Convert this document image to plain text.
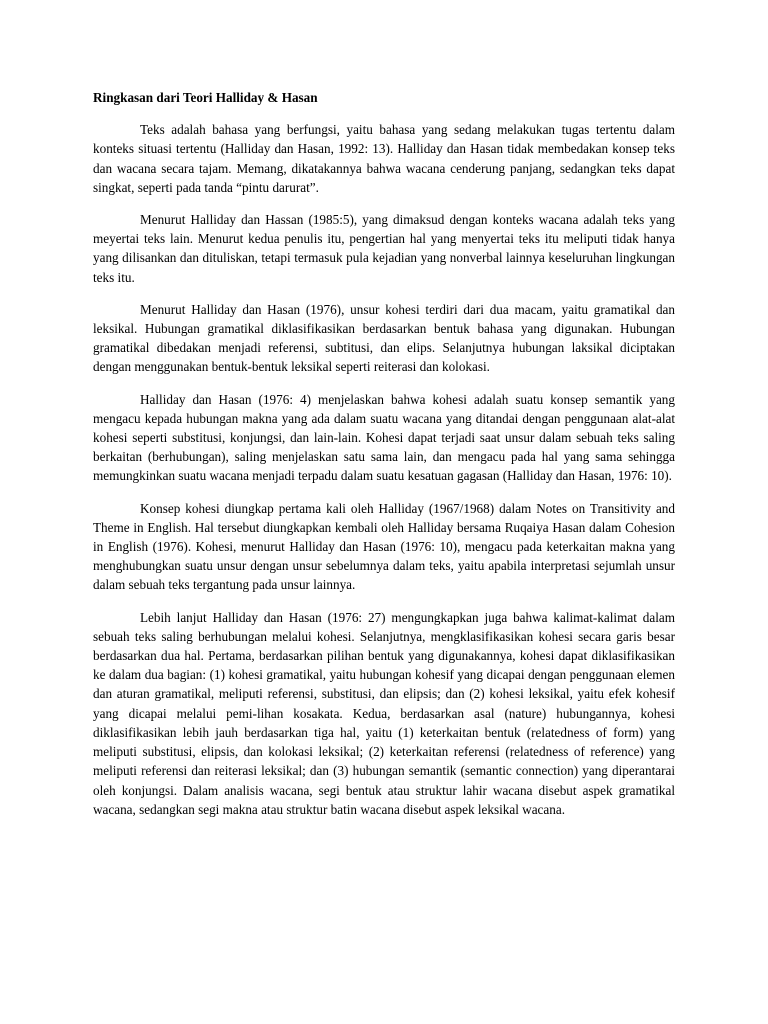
Ringkasan dari Teori Halliday & Hasan

Teks adalah bahasa yang berfungsi, yaitu bahasa yang sedang melakukan tugas tertentu dalam konteks situasi tertentu (Halliday dan Hasan, 1992: 13). Halliday dan Hasan tidak membedakan konsep teks dan wacana secara tajam. Memang, dikatakannya bahwa wacana cenderung panjang, sedangkan teks dapat singkat, seperti pada tanda “pintu darurat”.

Menurut Halliday dan Hassan (1985:5), yang dimaksud dengan konteks wacana adalah teks yang meyertai teks lain. Menurut kedua penulis itu, pengertian hal yang menyertai teks itu meliputi tidak hanya yang dilisankan dan dituliskan, tetapi termasuk pula kejadian yang nonverbal lainnya keseluruhan lingkungan teks itu.

Menurut Halliday dan Hasan (1976), unsur kohesi terdiri dari dua macam, yaitu gramatikal dan leksikal. Hubungan gramatikal diklasifikasikan berdasarkan bentuk bahasa yang digunakan. Hubungan gramatikal dibedakan menjadi referensi, subtitusi, dan elips. Selanjutnya hubungan laksikal diciptakan dengan menggunakan bentuk-bentuk leksikal seperti reiterasi dan kolokasi.

Halliday dan Hasan (1976: 4) menjelaskan bahwa kohesi adalah suatu konsep semantik yang mengacu kepada hubungan makna yang ada dalam suatu wacana yang ditandai dengan penggunaan alat-alat kohesi seperti substitusi, konjungsi, dan lain-lain. Kohesi dapat terjadi saat unsur dalam sebuah teks saling berkaitan (berhubungan), saling menjelaskan satu sama lain, dan mengacu pada hal yang sama sehingga memungkinkan suatu wacana menjadi terpadu dalam suatu kesatuan gagasan (Halliday dan Hasan, 1976: 10).

Konsep kohesi diungkap pertama kali oleh Halliday (1967/1968) dalam Notes on Transitivity and Theme in English. Hal tersebut diungkapkan kembali oleh Halliday bersama Ruqaiya Hasan dalam Cohesion in English (1976). Kohesi, menurut Halliday dan Hasan (1976: 10), mengacu pada keterkaitan makna yang menghubungkan suatu unsur dengan unsur sebelumnya dalam teks, yaitu apabila interpretasi sejumlah unsur dalam sebuah teks tergantung pada unsur lainnya.

Lebih lanjut Halliday dan Hasan (1976: 27) mengungkapkan juga bahwa kalimat-kalimat dalam sebuah teks saling berhubungan melalui kohesi. Selanjutnya, mengklasifikasikan kohesi secara garis besar berdasarkan dua hal. Pertama, berdasarkan pilihan bentuk yang digunakannya, kohesi dapat diklasifikasikan ke dalam dua bagian: (1) kohesi gramatikal, yaitu hubungan kohesif yang dicapai dengan penggunaan elemen dan aturan gramatikal, meliputi referensi, substitusi, dan elipsis; dan (2) kohesi leksikal, yaitu efek kohesif yang dicapai melalui pemi-lihan kosakata. Kedua, berdasarkan asal (nature) hubungannya, kohesi diklasifikasikan lebih jauh berdasarkan tiga hal, yaitu (1) keterkaitan bentuk (relatedness of form) yang meliputi substitusi, elipsis, dan kolokasi leksikal; (2) keterkaitan referensi (relatedness of reference) yang meliputi referensi dan reiterasi leksikal; dan (3) hubungan semantik (semantic connection) yang diperantarai oleh konjungsi. Dalam analisis wacana, segi bentuk atau struktur lahir wacana disebut aspek gramatikal wacana, sedangkan segi makna atau struktur batin wacana disebut aspek leksikal wacana.
